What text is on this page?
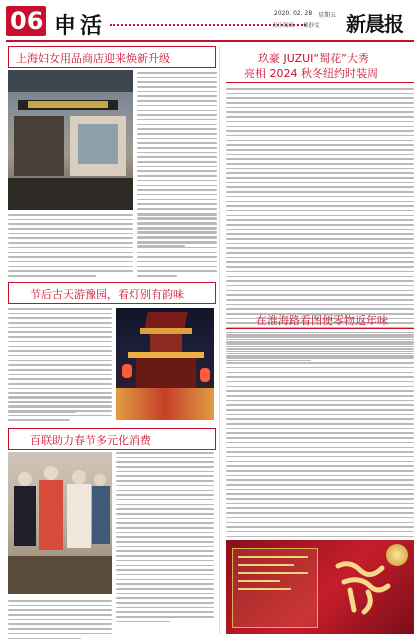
06 申活
2020. 02. 28 星期五
责任编辑 ： 楼静雯 新晨报
上海妇女用品商店迎来焕新升级
节后古天游豫园，看灯别有韵味
百联助力春节多元化消费
玖豪 JUZUI“蜀花”大秀
亮相 2024 秋冬纽约时装周
在淮海路看图便零物返年味
